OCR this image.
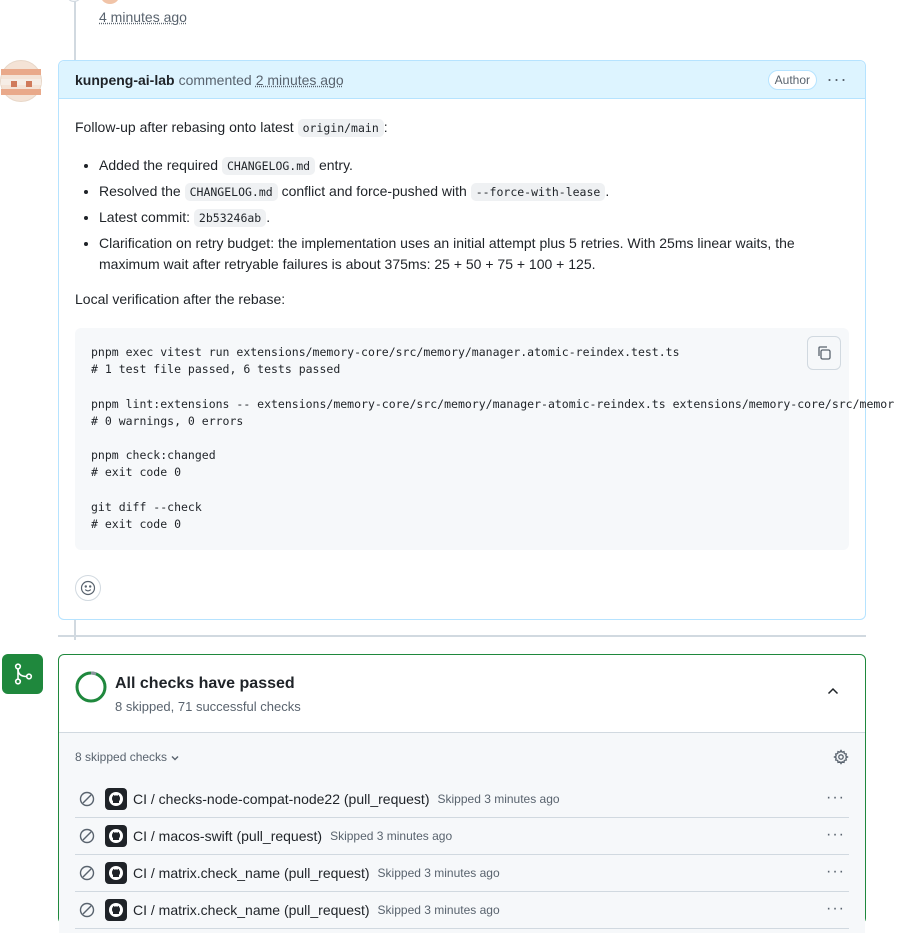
4 minutes ago
kunpeng-ai-lab commented 2 minutes ago	Author ···

Follow-up after rebasing onto latest origin/main :

• Added the required CHANGELOG.md entry.
• Resolved the CHANGELOG.md conflict and force-pushed with --force-with-lease .
• Latest commit: 2b53246ab .
• Clarification on retry budget: the implementation uses an initial attempt plus 5 retries. With 25ms linear waits, the maximum wait after retryable failures is about 375ms: 25 + 50 + 75 + 100 + 125.

Local verification after the rebase:

pnpm exec vitest run extensions/memory-core/src/memory/manager.atomic-reindex.test.ts
# 1 test file passed, 6 tests passed

pnpm lint:extensions -- extensions/memory-core/src/memory/manager-atomic-reindex.ts extensions/memory-core/src/memor
# 0 warnings, 0 errors

pnpm check:changed
# exit code 0

git diff --check
# exit code 0
All checks have passed
8 skipped, 71 successful checks
8 skipped checks
CI / checks-node-compat-node22 (pull_request) Skipped 3 minutes ago	···
CI / macos-swift (pull_request) Skipped 3 minutes ago	···
CI / matrix.check_name (pull_request) Skipped 3 minutes ago	···
CI / matrix.check_name (pull_request) Skipped 3 minutes ago	···
